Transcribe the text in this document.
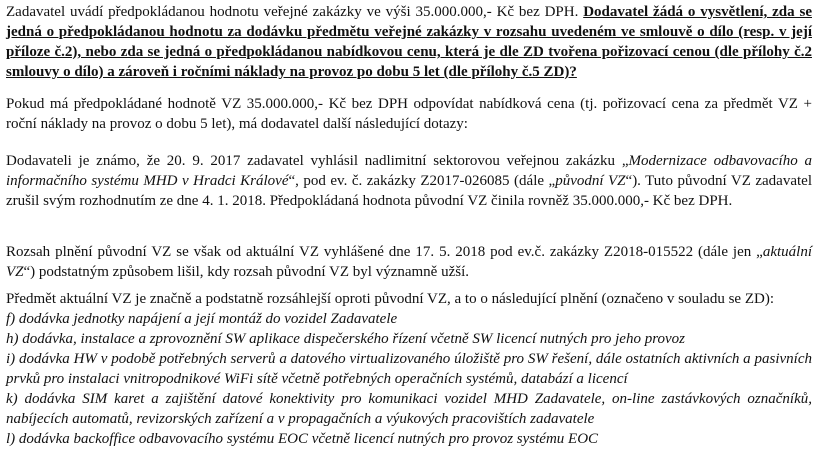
Zadavatel uvádí předpokládanou hodnotu veřejné zakázky ve výši 35.000.000,- Kč bez DPH. Dodavatel žádá o vysvětlení, zda se jedná o předpokládanou hodnotu za dodávku předmětu veřejné zakázky v rozsahu uvedeném ve smlouvě o dílo (resp. v její příloze č.2), nebo zda se jedná o předpokládanou nabídkovou cenu, která je dle ZD tvořena pořizovací cenou (dle přílohy č.2 smlouvy o dílo) a zároveň i ročními náklady na provoz po dobu 5 let (dle přílohy č.5 ZD)?

Pokud má předpokládané hodnotě VZ 35.000.000,- Kč bez DPH odpovídat nabídková cena (tj. pořizovací cena za předmět VZ + roční náklady na provoz o dobu 5 let), má dodavatel další následující dotazy:

Dodavateli je známo, že 20. 9. 2017 zadavatel vyhlásil nadlimitní sektorovou veřejnou zakázku „Modernizace odbavovacího a informačního systému MHD v Hradci Králové“, pod ev. č. zakázky Z2017-026085 (dále „původní VZ“). Tuto původní VZ zadavatel zrušil svým rozhodnutím ze dne 4. 1. 2018. Předpokládaná hodnota původní VZ činila rovněž 35.000.000,- Kč bez DPH.

Rozsah plnění původní VZ se však od aktuální VZ vyhlášené dne 17. 5. 2018 pod ev.č. zakázky Z2018-015522 (dále jen „aktuální VZ“) podstatným způsobem lišil, kdy rozsah původní VZ byl významně užší.

Předmět aktuální VZ je značně a podstatně rozsáhlejší oproti původní VZ, a to o následující plnění (označeno v souladu se ZD):

f) dodávka jednotky napájení a její montáž do vozidel Zadavatele
h) dodávka, instalace a zprovoznění SW aplikace dispečerského řízení včetně SW licencí nutných pro jeho provoz
i) dodávka HW v podobě potřebných serverů a datového virtualizovaného úložiště pro SW řešení, dále ostatních aktivních a pasivních prvků pro instalaci vnitropodnikové WiFi sítě včetně potřebných operačních systémů, databází a licencí
k) dodávka SIM karet a zajištění datové konektivity pro komunikaci vozidel MHD Zadavatele, on-line zastávkových označníků, nabíjecích automatů, revizorských zařízení a v propagačních a výukových pracovištích zadavatele
l) dodávka backoffice odbavovacího systému EOC včetně licencí nutných pro provoz systému EOC
